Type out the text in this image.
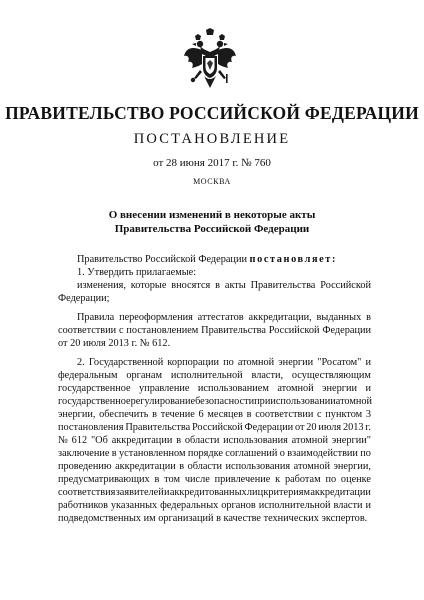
ПРАВИТЕЛЬСТВО РОССИЙСКОЙ ФЕДЕРАЦИИ
ПОСТАНОВЛЕНИЕ
от 28 июня 2017 г. № 760
МОСКВА
О внесении изменений в некоторые акты
Правительства Российской Федерации
Правительство Российской Федерации постановляет:
1. Утвердить прилагаемые:
изменения, которые вносятся в акты Правительства Российской
Федерации;
Правила переоформления аттестатов аккредитации, выданных в
соответствии с постановлением Правительства Российской Федерации
от 20 июля 2013 г. № 612.
2. Государственной корпорации по атомной энергии "Росатом" и
федеральным органам исполнительной власти, осуществляющим
государственное управление использованием атомной энергии и
государственное регулирование безопасности при использовании атомной
энергии, обеспечить в течение 6 месяцев в соответствии с пунктом 3
постановления Правительства Российской Федерации от 20 июля 2013 г.
№ 612 "Об аккредитации в области использования атомной энергии"
заключение в установленном порядке соглашений о взаимодействии по
проведению аккредитации в области использования атомной энергии,
предусматривающих в том числе привлечение к работам по оценке
соответствия заявителей и аккредитованных лиц критериям аккредитации
работников указанных федеральных органов исполнительной власти и
подведомственных им организаций в качестве технических экспертов.
